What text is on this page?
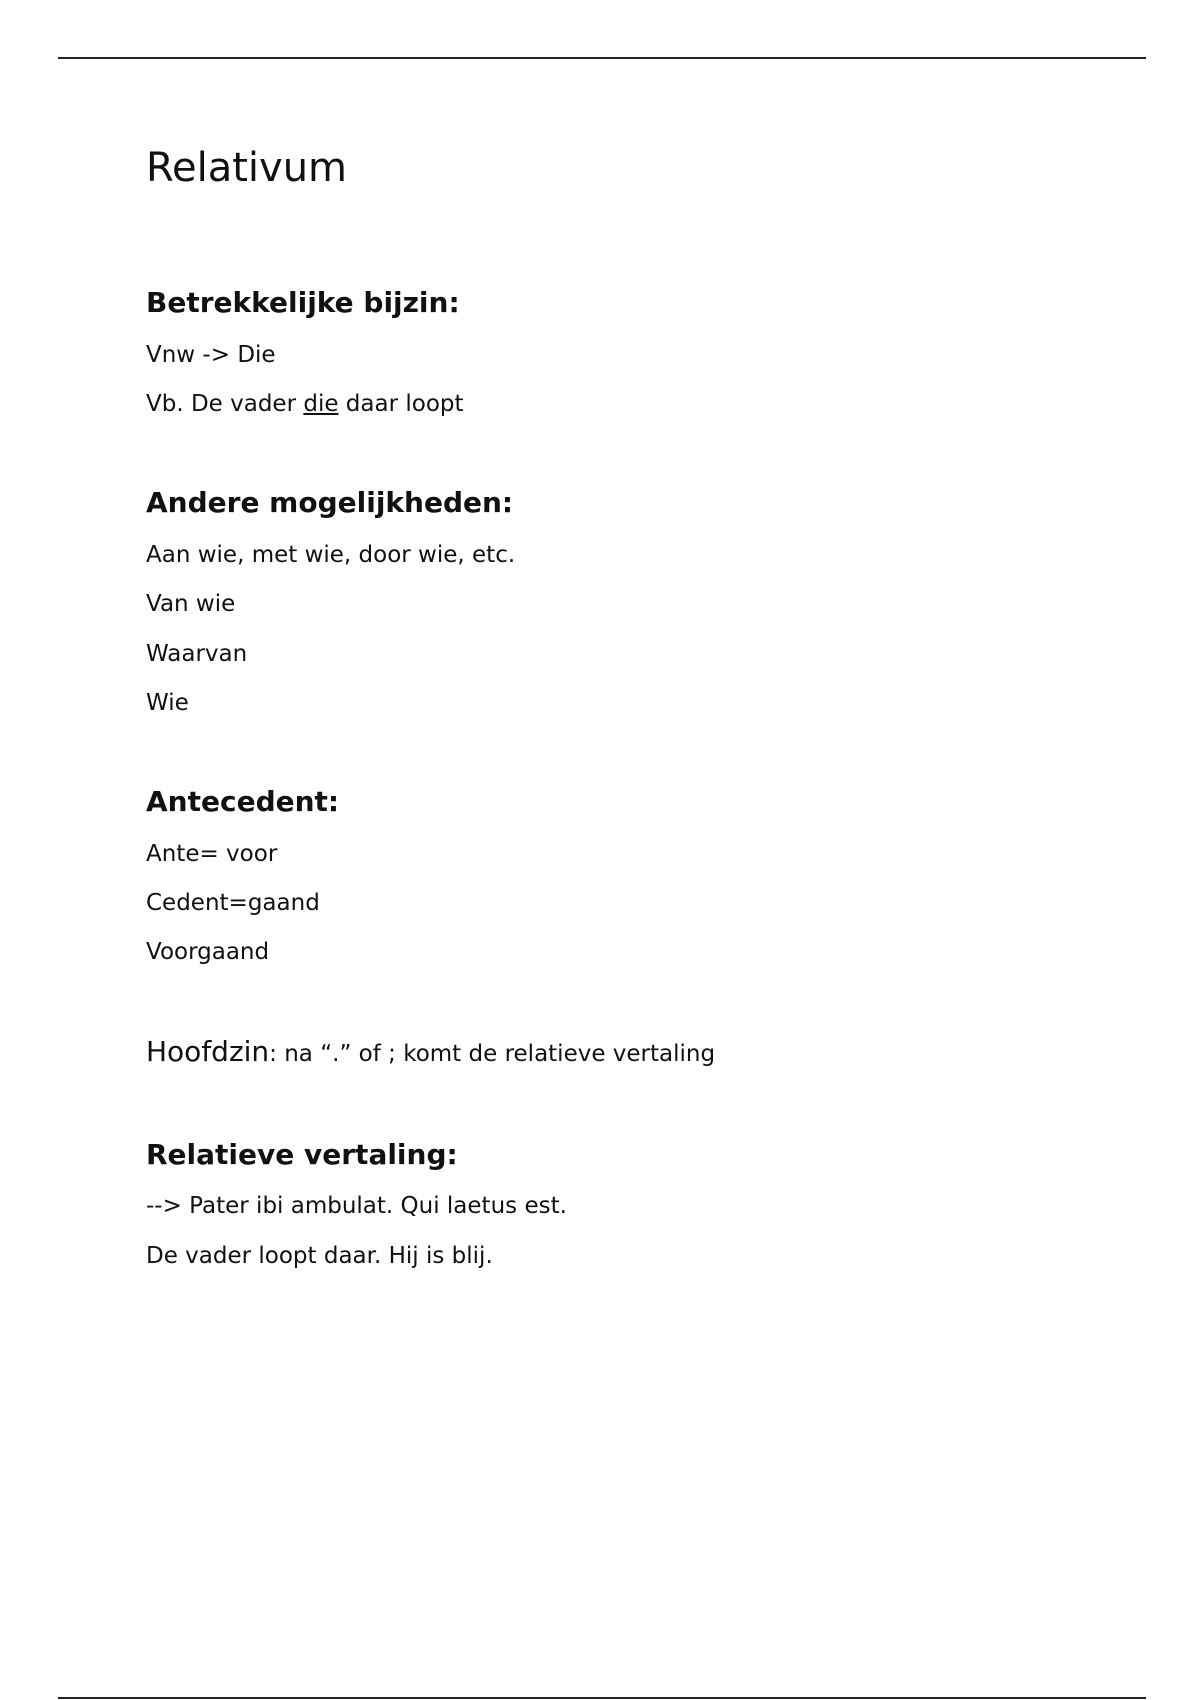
Relativum
Betrekkelijke bijzin:

Vnw -> Die

Vb. De vader die daar loopt

Andere mogelijkheden:

Aan wie, met wie, door wie, etc.

Van wie

Waarvan

Wie

Antecedent:

Ante= voor

Cedent=gaand

Voorgaand

Hoofdzin: na “.” of ; komt de relatieve vertaling

Relatieve vertaling:

--> Pater ibi ambulat. Qui laetus est.

De vader loopt daar. Hij is blij.
